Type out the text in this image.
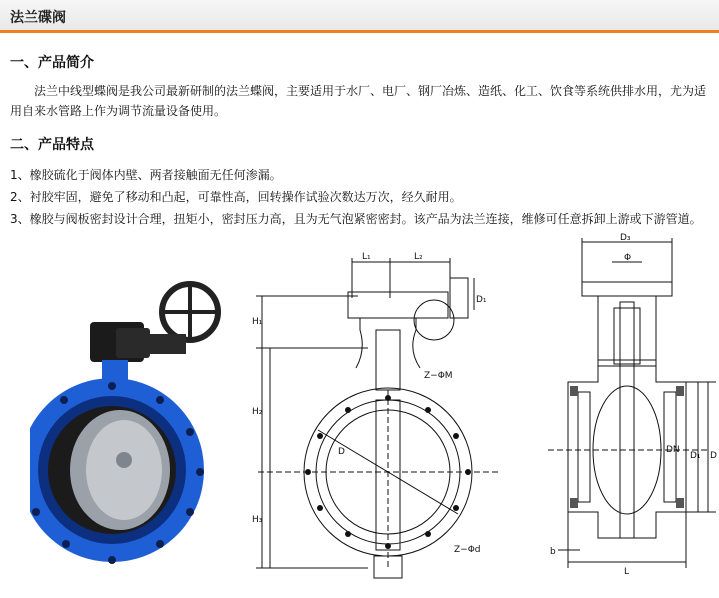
法兰碟阀
一、产品简介
法兰中线型蝶阀是我公司最新研制的法兰蝶阀，主要适用于水厂、电厂、钢厂冶炼、造纸、化工、饮食等系统供排水用，尤为适
用自来水管路上作为调节流量设备使用。
二、产品特点
1、橡胶硫化于阀体内壁、两者接触面无任何渗漏。
2、衬胶牢固，避免了移动和凸起，可靠性高，回转操作试验次数达万次，经久耐用。
3、橡胶与阀板密封设计合理，扭矩小，密封压力高，且为无气泡紧密密封。该产品为法兰连接，维修可任意拆卸上游或下游管道。
L₁	L₂
D₁
H₁
H₂
H₃
D
Z−ΦM
Z−Φd
D₃
Φ
DN
D₁ D
b
L
